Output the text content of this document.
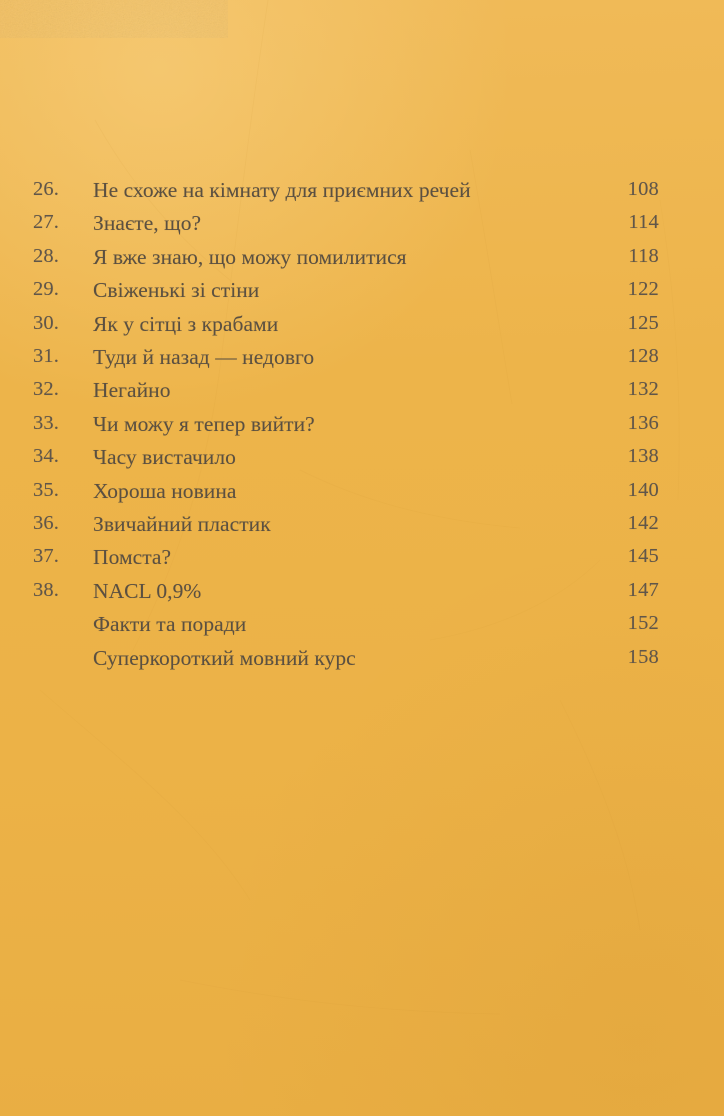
26.	Не схоже на кімнату для приємних речей	108
27.	Знаєте, що?	114
28.	Я вже знаю, що можу помилитися	118
29.	Свіженькі зі стіни	122
30.	Як у сітці з крабами	125
31.	Туди й назад — недовго	128
32.	Негайно	132
33.	Чи можу я тепер вийти?	136
34.	Часу вистачило	138
35.	Хороша новина	140
36.	Звичайний пластик	142
37.	Помста?	145
38.	NACL 0,9%	147
Факти та поради	152
Суперкороткий мовний курс	158
